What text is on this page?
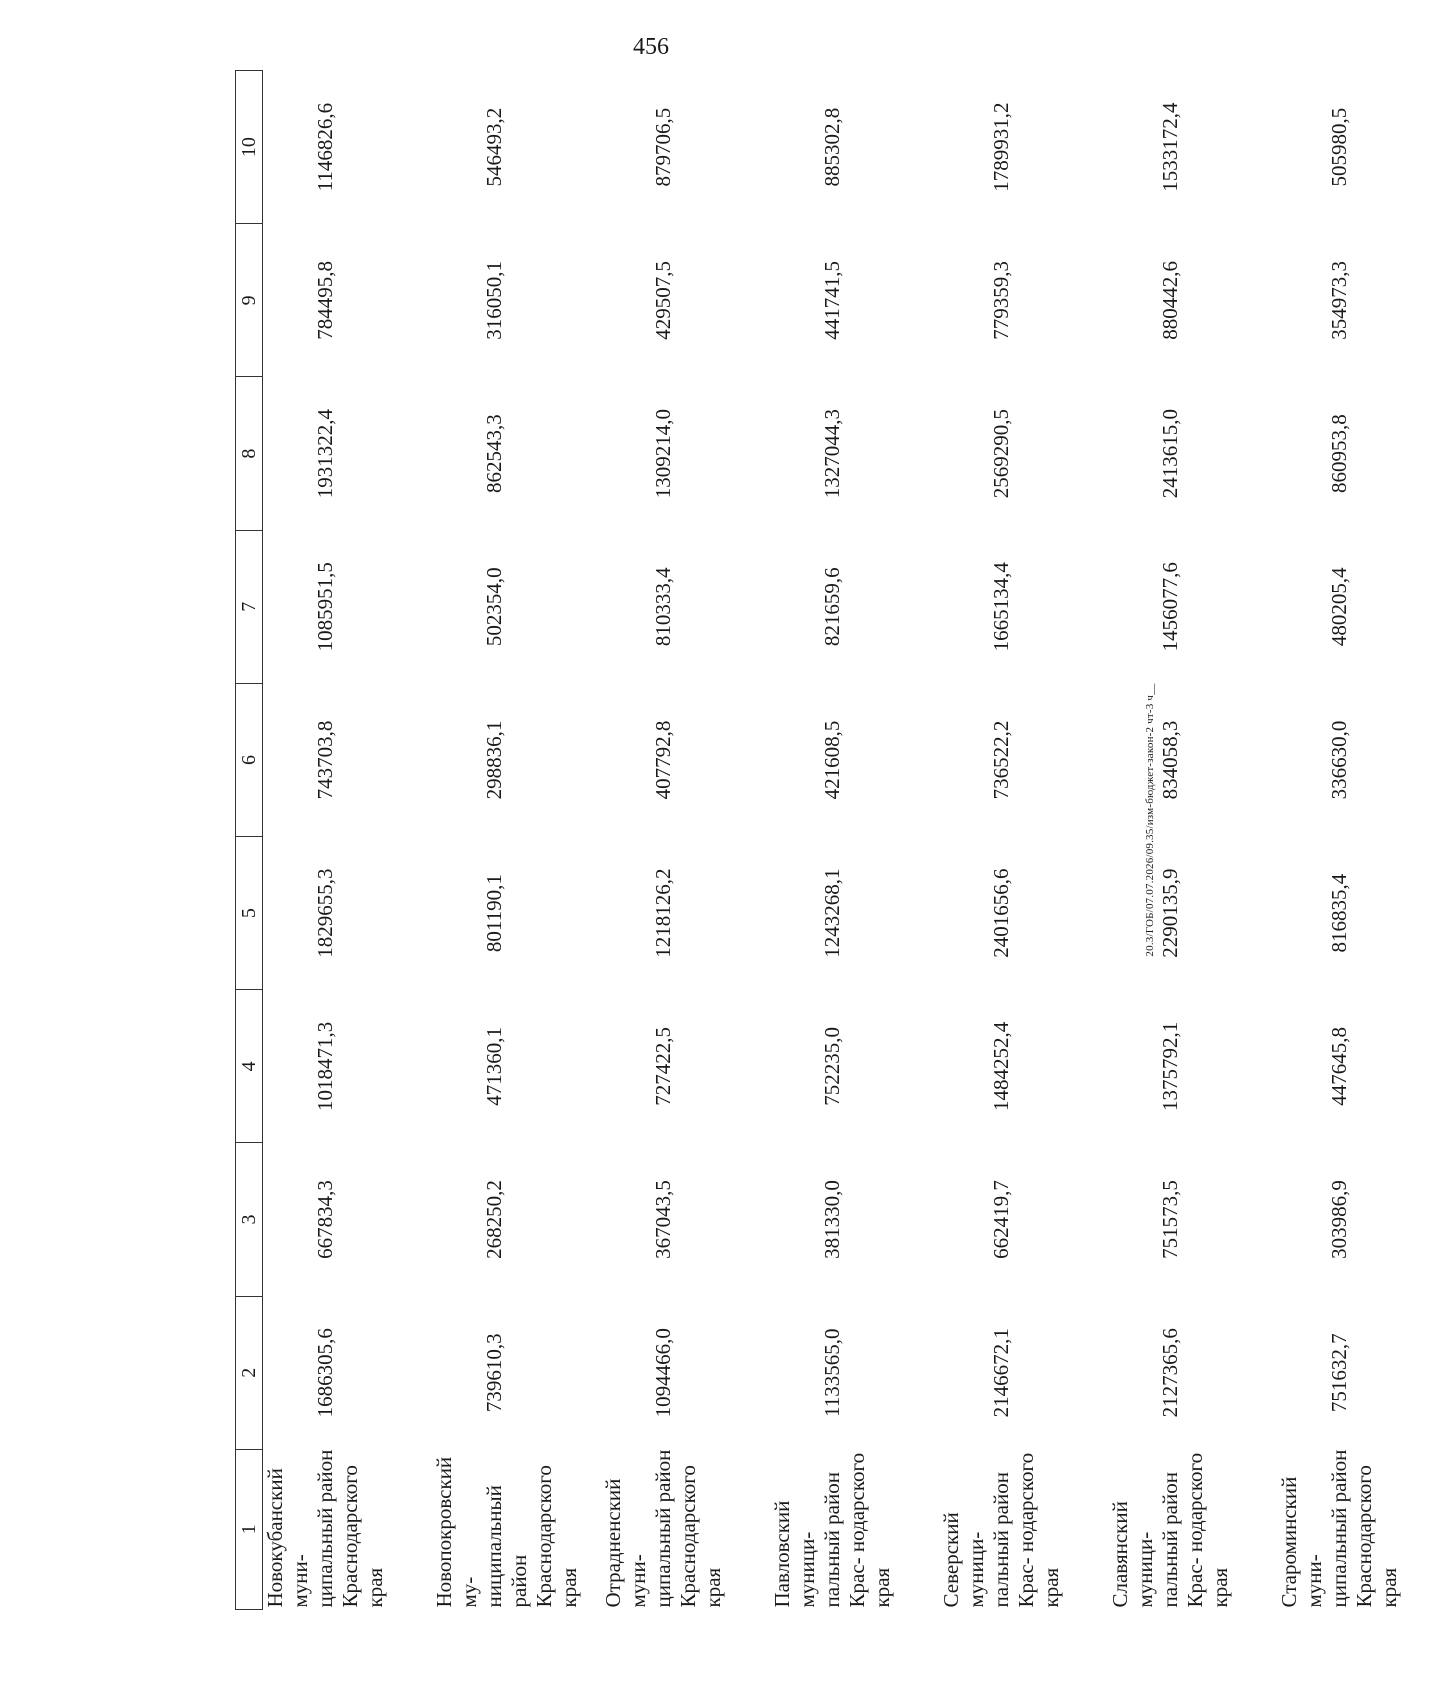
456
20.3/ГОБ/07.07.2026/09.35/изм-бюджет-закон-2 чт-3 ч__
1	2	3	4	5	6	7	8	9	10
Новокубанский муни- ципальный район Краснодарского края	1686305,6	667834,3	1018471,3	1829655,3	743703,8	1085951,5	1931322,4	784495,8	1146826,6
Новопокровский му- ниципальный район Краснодарского края	739610,3	268250,2	471360,1	801190,1	298836,1	502354,0	862543,3	316050,1	546493,2
Отрадненский муни- ципальный район Краснодарского края	1094466,0	367043,5	727422,5	1218126,2	407792,8	810333,4	1309214,0	429507,5	879706,5
Павловский муници- пальный район Крас- нодарского края	1133565,0	381330,0	752235,0	1243268,1	421608,5	821659,6	1327044,3	441741,5	885302,8
Северский муници- пальный район Крас- нодарского края	2146672,1	662419,7	1484252,4	2401656,6	736522,2	1665134,4	2569290,5	779359,3	1789931,2
Славянский муници- пальный район Крас- нодарского края	2127365,6	751573,5	1375792,1	2290135,9	834058,3	1456077,6	2413615,0	880442,6	1533172,4
Староминский муни- ципальный район Краснодарского края	751632,7	303986,9	447645,8	816835,4	336630,0	480205,4	860953,8	354973,3	505980,5
